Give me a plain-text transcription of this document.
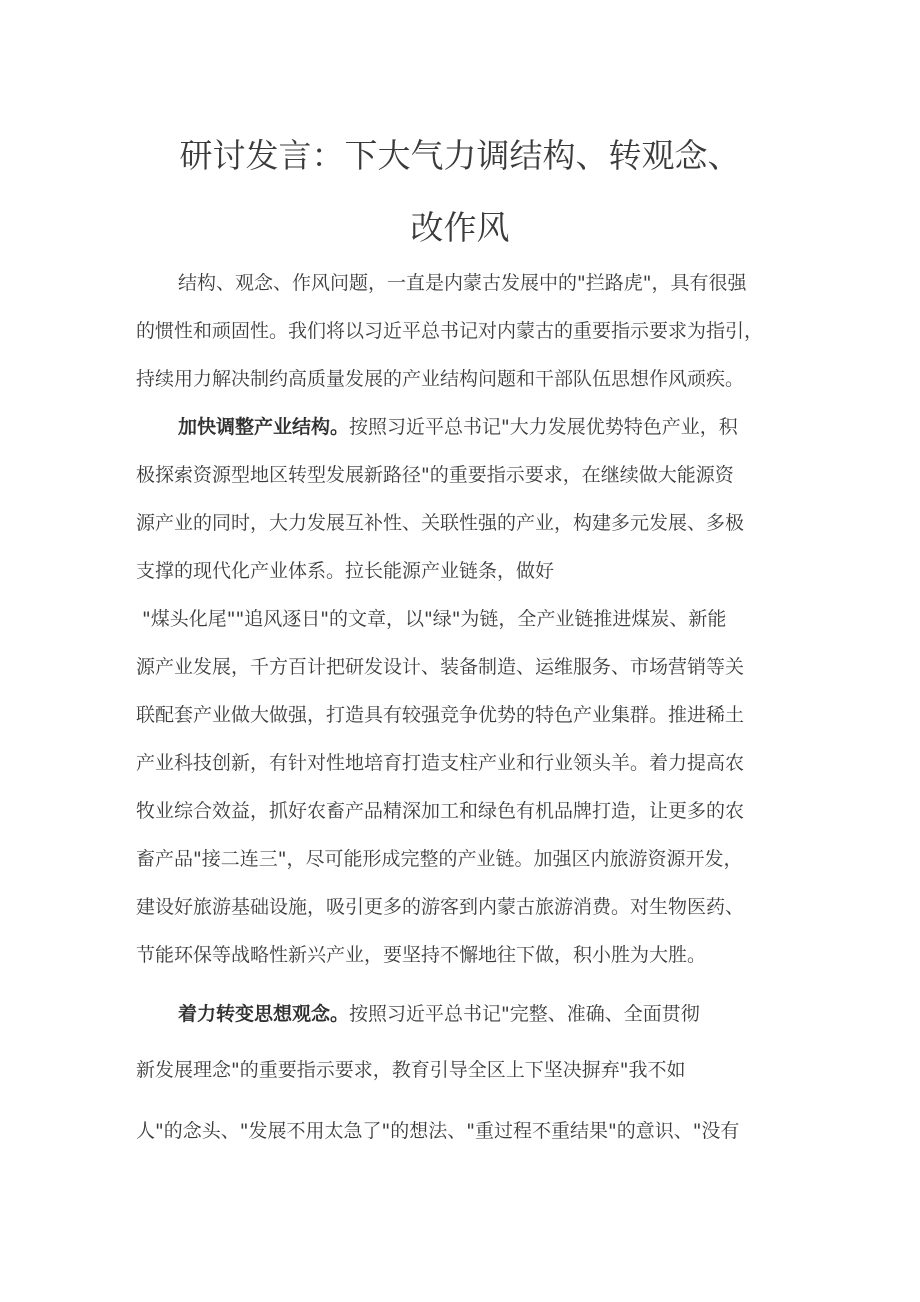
研讨发言：下大气力调结构、转观念、
改作风
结构、观念、作风问题，一直是内蒙古发展中的"拦路虎"，具有很强
的惯性和顽固性。我们将以习近平总书记对内蒙古的重要指示要求为指引，
持续用力解决制约高质量发展的产业结构问题和干部队伍思想作风顽疾。
加快调整产业结构。按照习近平总书记"大力发展优势特色产业，积
极探索资源型地区转型发展新路径"的重要指示要求，在继续做大能源资
源产业的同时，大力发展互补性、关联性强的产业，构建多元发展、多极
支撑的现代化产业体系。拉长能源产业链条，做好
"煤头化尾""追风逐日"的文章，以"绿"为链，全产业链推进煤炭、新能
源产业发展，千方百计把研发设计、装备制造、运维服务、市场营销等关
联配套产业做大做强，打造具有较强竞争优势的特色产业集群。推进稀土
产业科技创新，有针对性地培育打造支柱产业和行业领头羊。着力提高农
牧业综合效益，抓好农畜产品精深加工和绿色有机品牌打造，让更多的农
畜产品"接二连三"，尽可能形成完整的产业链。加强区内旅游资源开发，
建设好旅游基础设施，吸引更多的游客到内蒙古旅游消费。对生物医药、
节能环保等战略性新兴产业，要坚持不懈地往下做，积小胜为大胜。
着力转变思想观念。按照习近平总书记"完整、准确、全面贯彻
新发展理念"的重要指示要求，教育引导全区上下坚决摒弃"我不如
人"的念头、"发展不用太急了"的想法、"重过程不重结果"的意识、"没有
